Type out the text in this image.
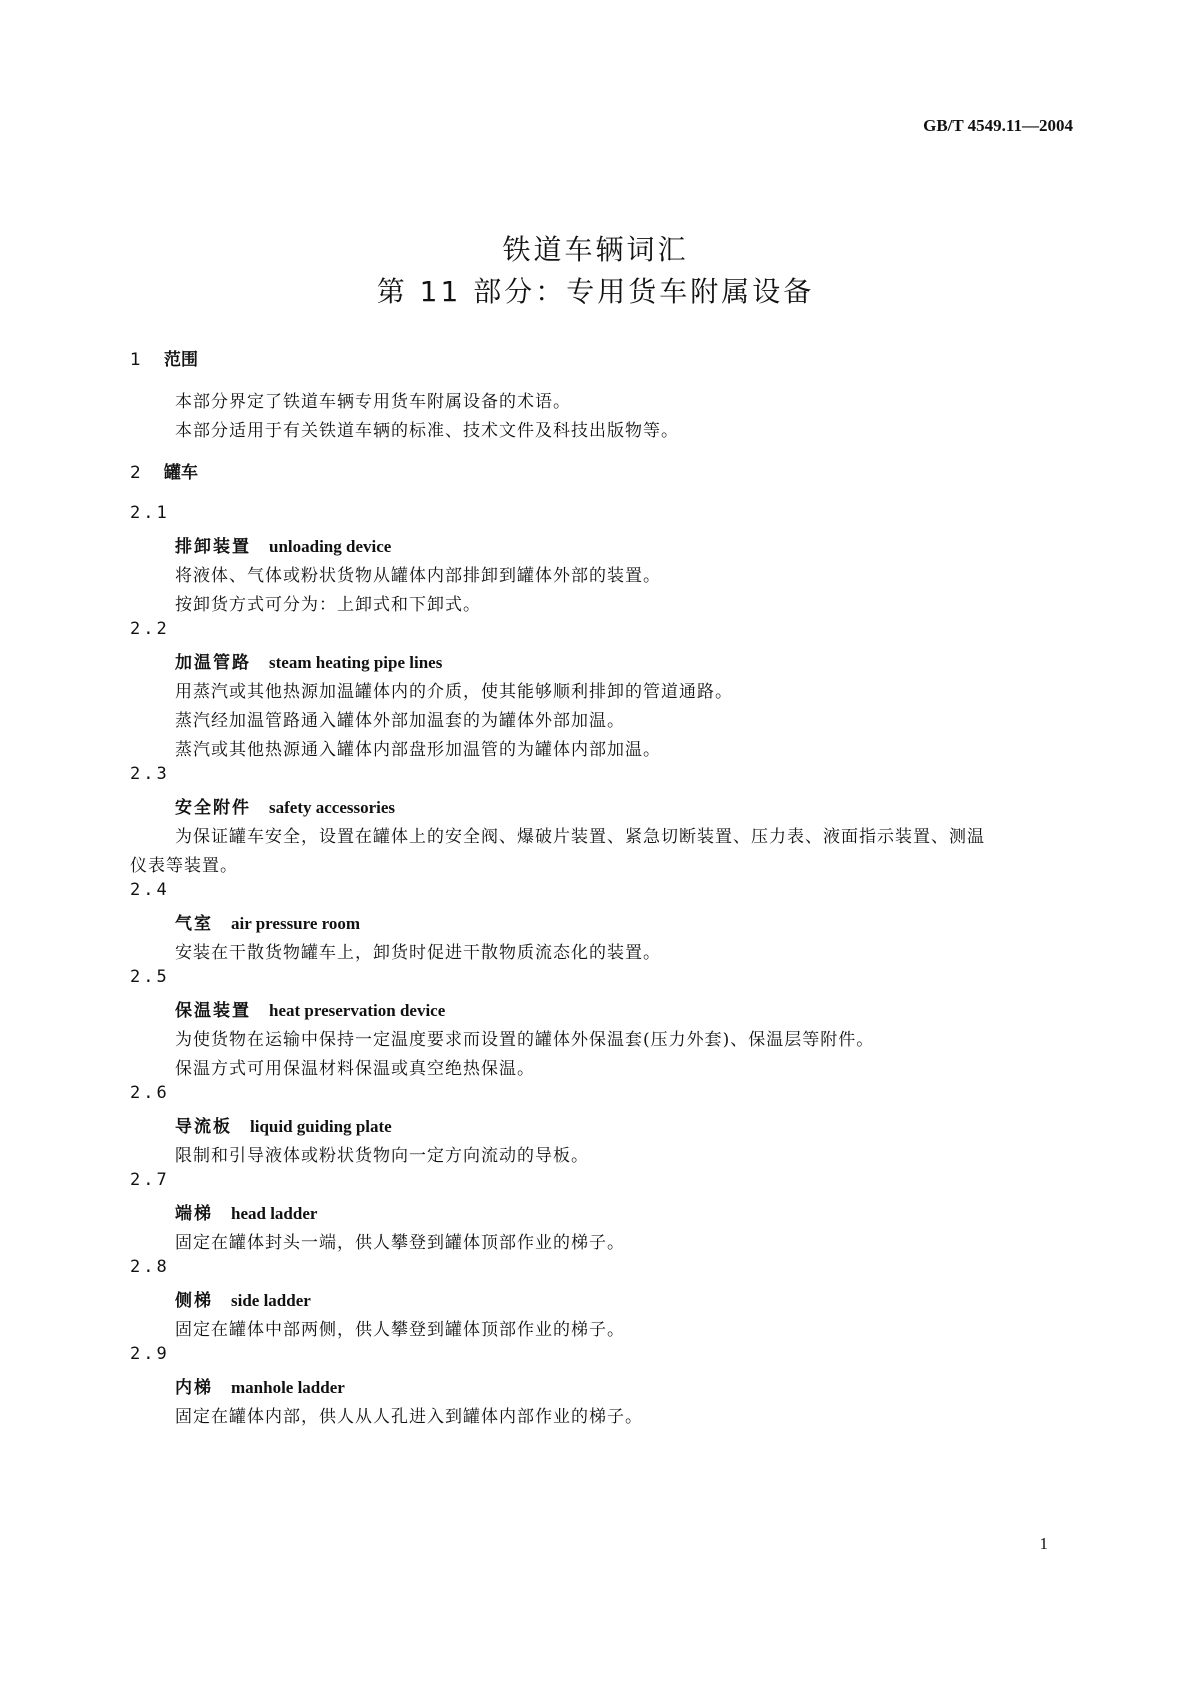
GB/T 4549.11—2004
铁道车辆词汇
第 11 部分：专用货车附属设备
1 范围
本部分界定了铁道车辆专用货车附属设备的术语。
本部分适用于有关铁道车辆的标准、技术文件及科技出版物等。
2 罐车
2.1
排卸装置 unloading device
将液体、气体或粉状货物从罐体内部排卸到罐体外部的装置。
按卸货方式可分为：上卸式和下卸式。
2.2
加温管路 steam heating pipe lines
用蒸汽或其他热源加温罐体内的介质，使其能够顺利排卸的管道通路。
蒸汽经加温管路通入罐体外部加温套的为罐体外部加温。
蒸汽或其他热源通入罐体内部盘形加温管的为罐体内部加温。
2.3
安全附件 safety accessories
为保证罐车安全，设置在罐体上的安全阀、爆破片装置、紧急切断装置、压力表、液面指示装置、测温
仪表等装置。
2.4
气室 air pressure room
安装在干散货物罐车上，卸货时促进干散物质流态化的装置。
2.5
保温装置 heat preservation device
为使货物在运输中保持一定温度要求而设置的罐体外保温套(压力外套)、保温层等附件。
保温方式可用保温材料保温或真空绝热保温。
2.6
导流板 liquid guiding plate
限制和引导液体或粉状货物向一定方向流动的导板。
2.7
端梯 head ladder
固定在罐体封头一端，供人攀登到罐体顶部作业的梯子。
2.8
侧梯 side ladder
固定在罐体中部两侧，供人攀登到罐体顶部作业的梯子。
2.9
内梯 manhole ladder
固定在罐体内部，供人从人孔进入到罐体内部作业的梯子。
1
